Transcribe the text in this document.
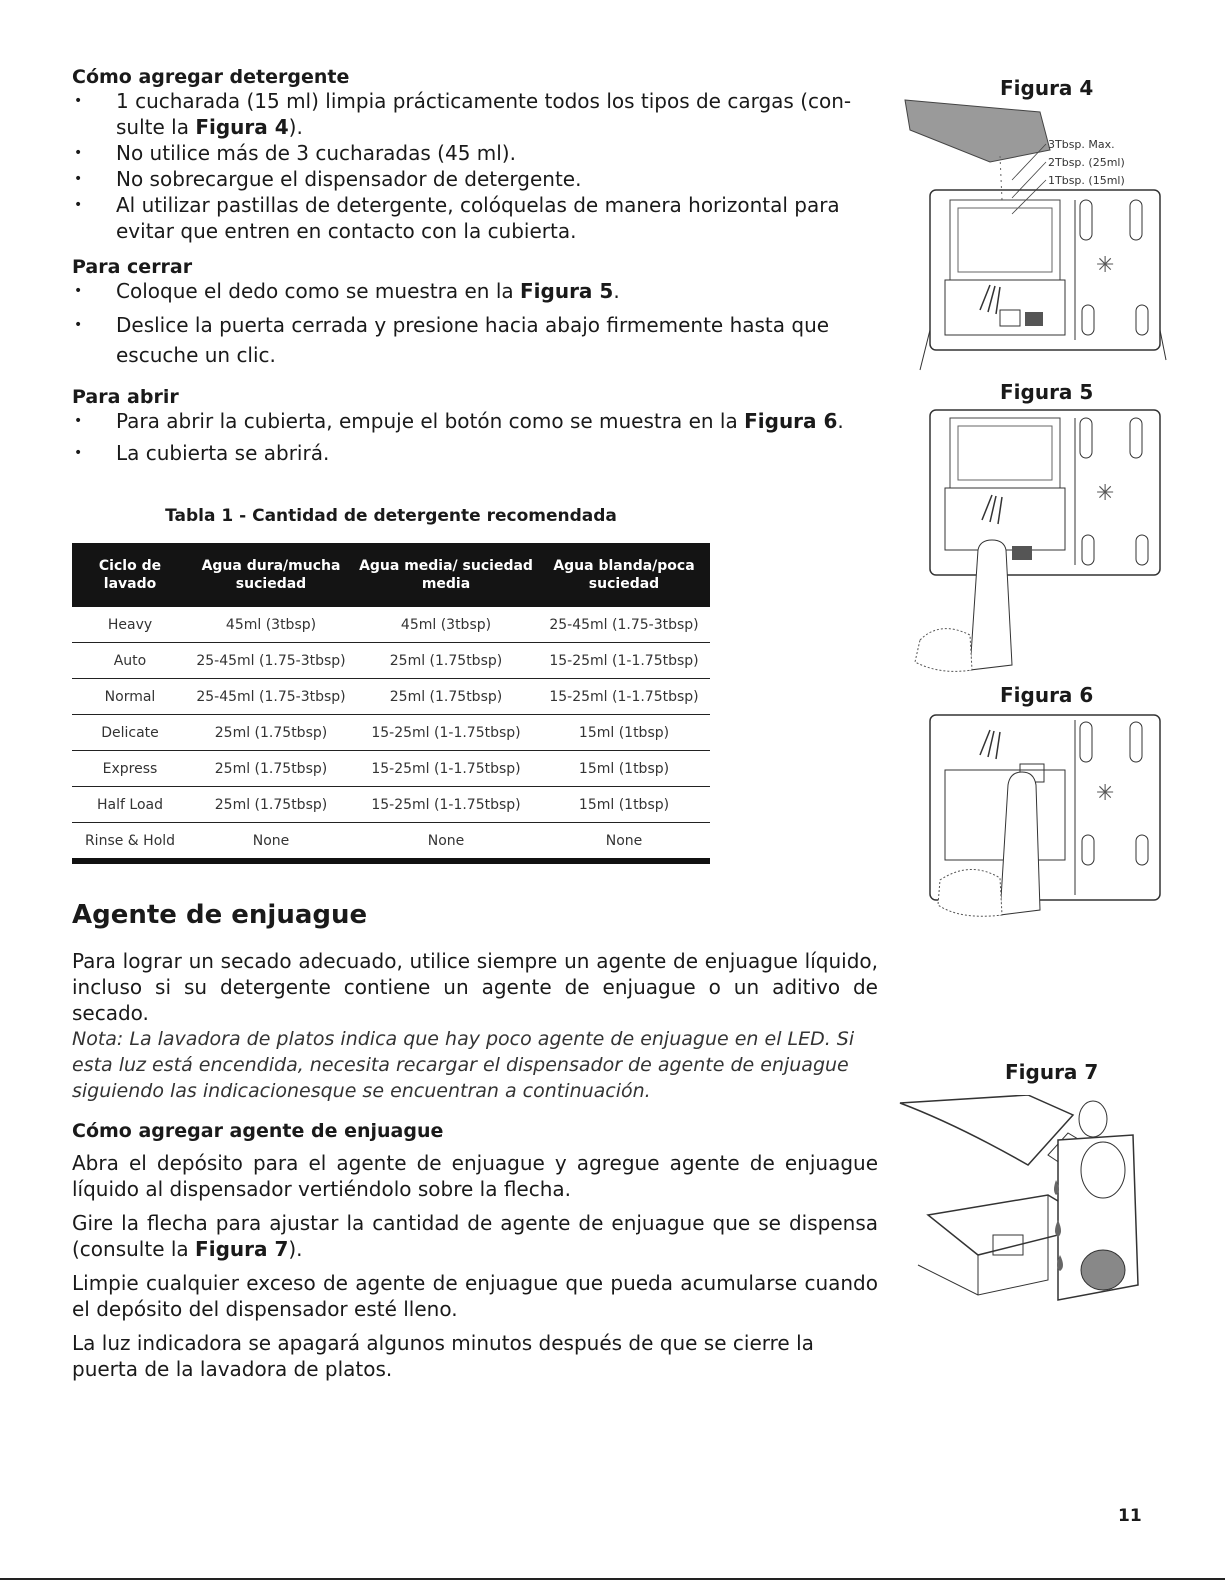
Cómo agregar detergente
• 1 cucharada (15 ml) limpia prácticamente todos los tipos de cargas (con- sulte la Figura 4).
• No utilice más de 3 cucharadas (45 ml).
• No sobrecargue el dispensador de detergente.
• Al utilizar pastillas de detergente, colóquelas de manera horizontal para evitar que entren en contacto con la cubierta.
Para cerrar
• Coloque el dedo como se muestra en la Figura 5.
• Deslice la puerta cerrada y presione hacia abajo firmemente hasta que escuche un clic.
Para abrir
• Para abrir la cubierta, empuje el botón como se muestra en la Figura 6.
• La cubierta se abrirá.
Tabla 1 - Cantidad de detergente recomendada
Ciclo de lavado	Agua dura/mucha suciedad	Agua media/ suciedad media	Agua blanda/poca suciedad
Heavy	45ml (3tbsp)	45ml (3tbsp)	25-45ml (1.75-3tbsp)
Auto	25-45ml (1.75-3tbsp)	25ml (1.75tbsp)	15-25ml (1-1.75tbsp)
Normal	25-45ml (1.75-3tbsp)	25ml (1.75tbsp)	15-25ml (1-1.75tbsp)
Delicate	25ml (1.75tbsp)	15-25ml (1-1.75tbsp)	15ml (1tbsp)
Express	25ml (1.75tbsp)	15-25ml (1-1.75tbsp)	15ml (1tbsp)
Half Load	25ml (1.75tbsp)	15-25ml (1-1.75tbsp)	15ml (1tbsp)
Rinse & Hold	None	None	None
Agente de enjuague

Para lograr un secado adecuado, utilice siempre un agente de enjuague líquido, incluso si su detergente contiene un agente de enjuague o un aditivo de secado.

Nota: La lavadora de platos indica que hay poco agente de enjuague en el LED. Si esta luz está encendida, necesita recargar el dispensador de agente de enjuague siguiendo las indicacionesque se encuentran a continuación.

Cómo agregar agente de enjuague

Abra el depósito para el agente de enjuague y agregue agente de enjuague líquido al dispensador vertiéndolo sobre la flecha.

Gire la flecha para ajustar la cantidad de agente de enjuague que se dispensa (consulte la Figura 7).

Limpie cualquier exceso de agente de enjuague que pueda acumularse cuando el depósito del dispensador esté lleno.

La luz indicadora se apagará algunos minutos después de que se cierre la puerta de la lavadora de platos.

Figura 4
3Tbsp. Max.
2Tbsp. (25ml)
1Tbsp. (15ml)
✳
Figura 5
✳
Figura 6
✳
Figura 7
11
